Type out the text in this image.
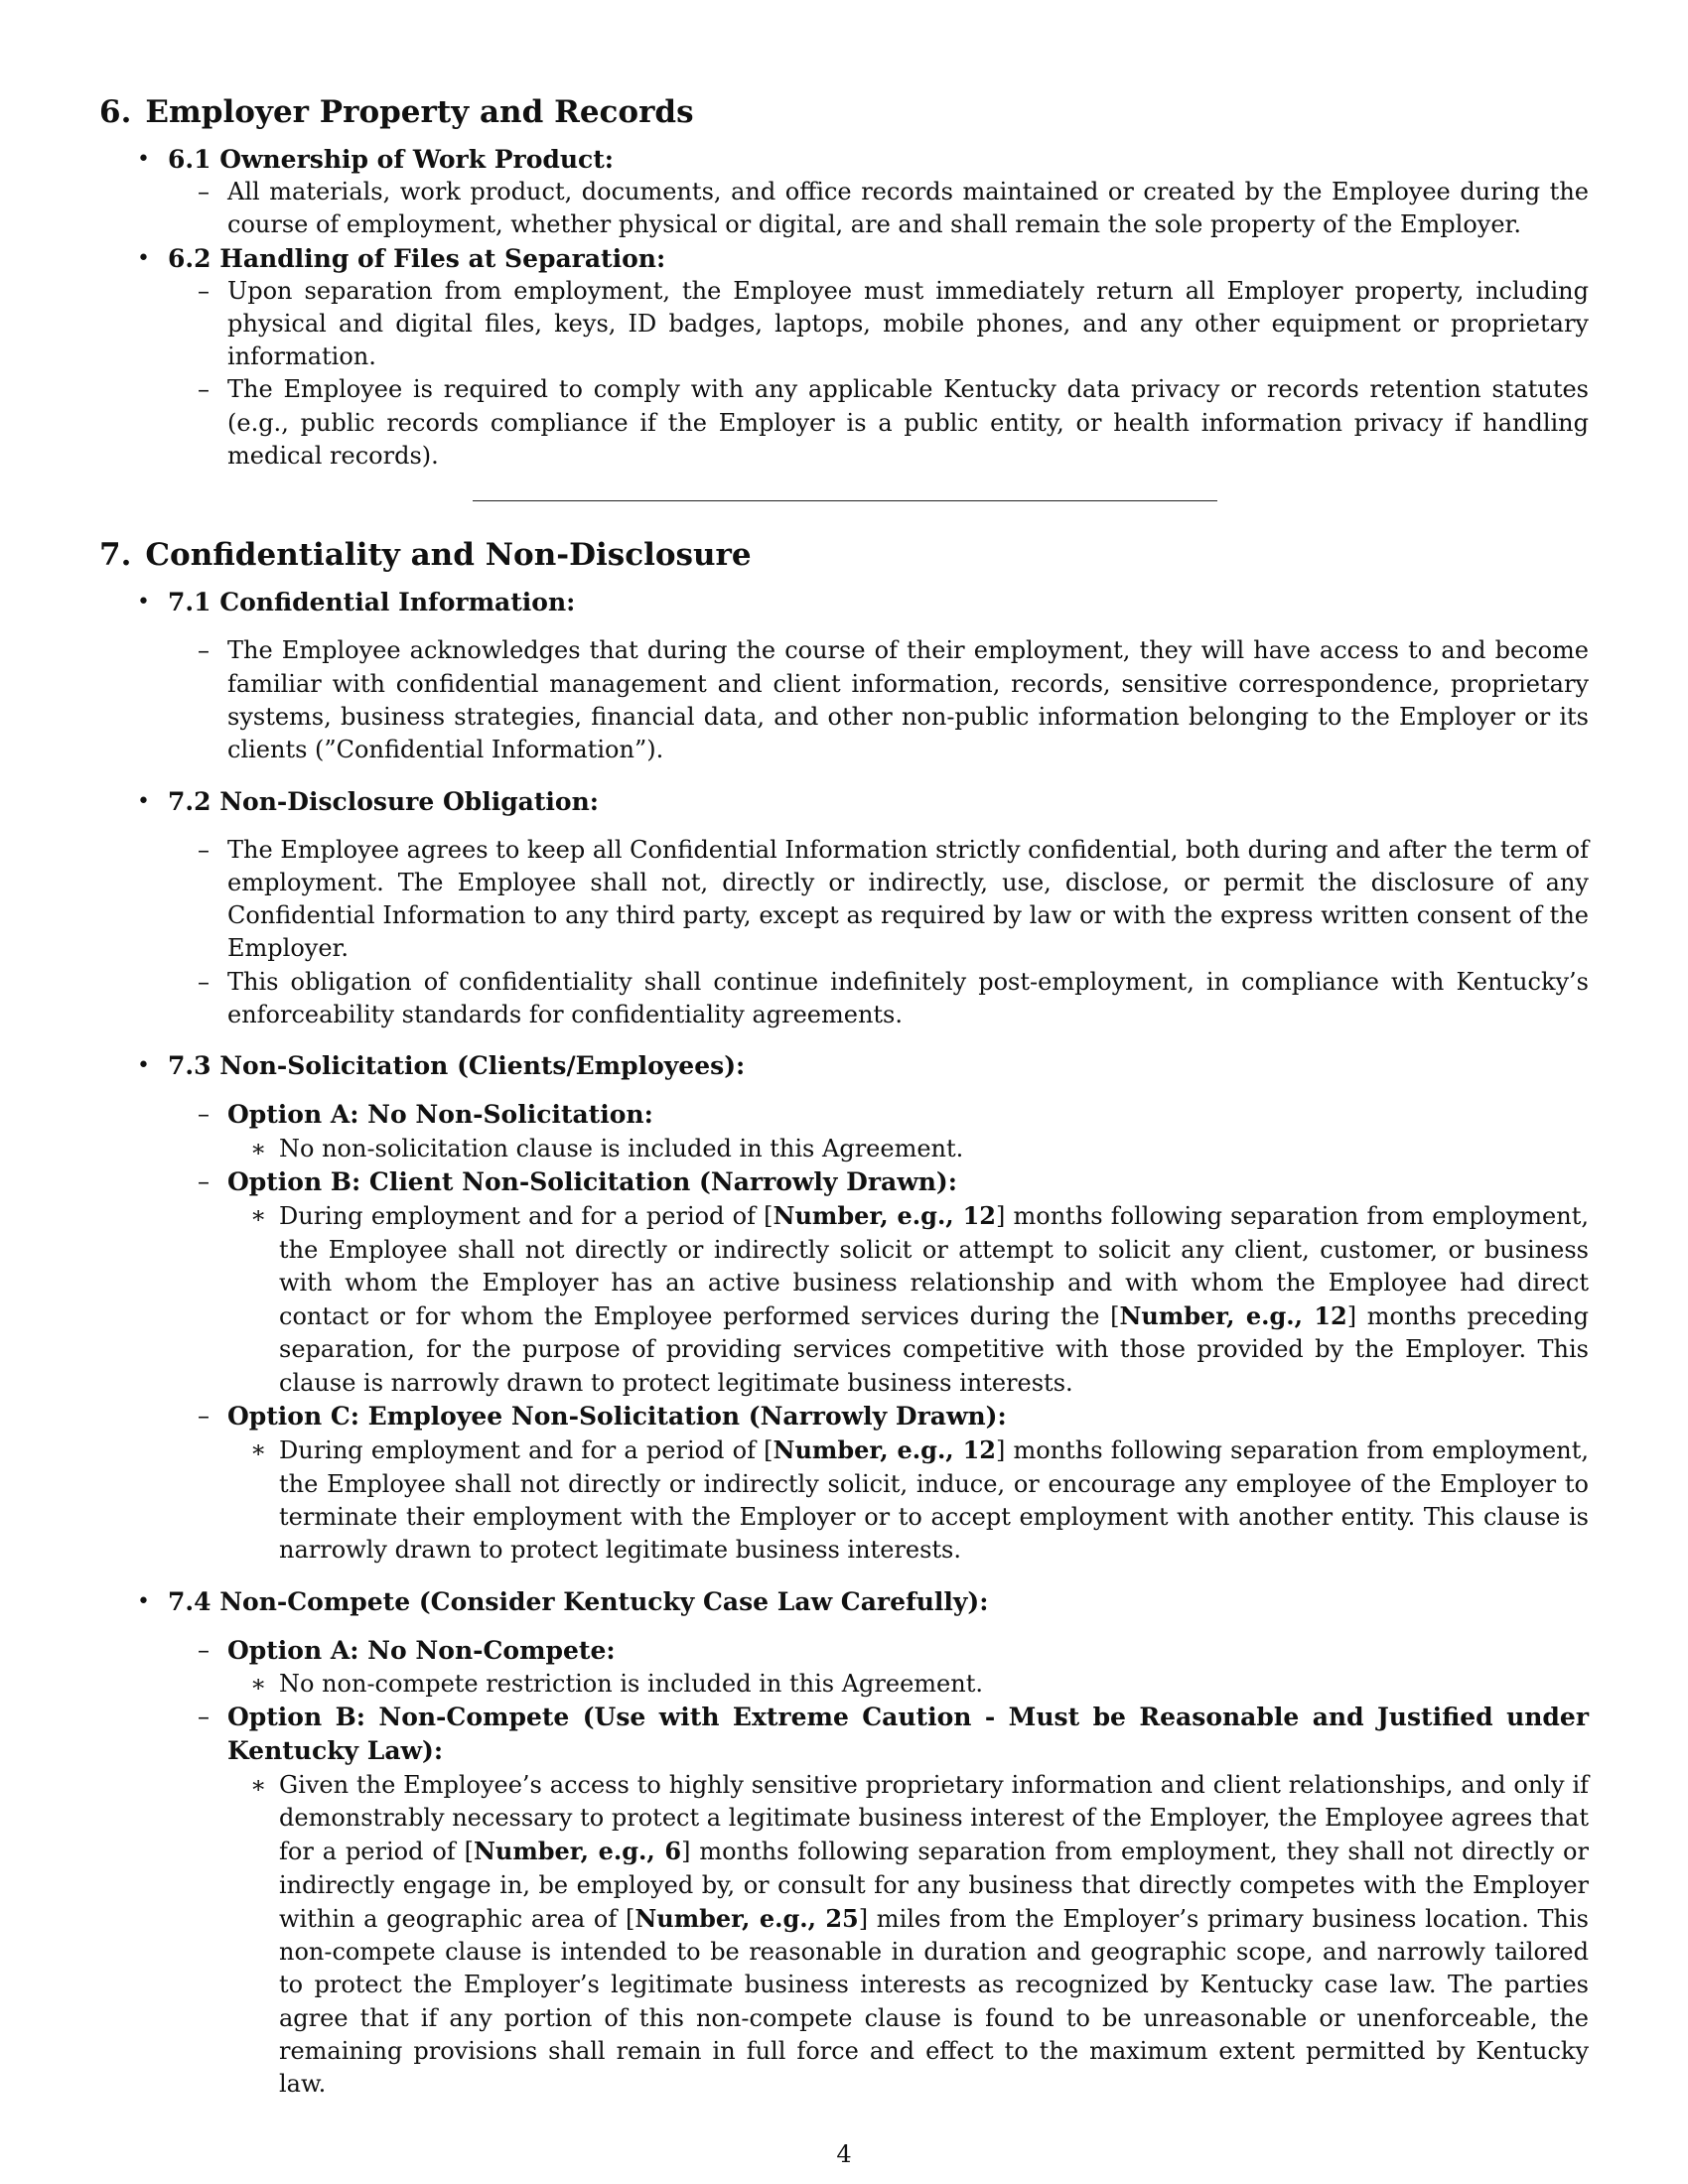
6. Employer Property and Records
• 6.1 Ownership of Work Product:
– All materials, work product, documents, and office records maintained or created by the Employee during the course of employment, whether physical or digital, are and shall remain the sole property of the Employer.
• 6.2 Handling of Files at Separation:
– Upon separation from employment, the Employee must immediately return all Employer property, including physical and digital files, keys, ID badges, laptops, mobile phones, and any other equipment or proprietary information.
– The Employee is required to comply with any applicable Kentucky data privacy or records retention statutes (e.g., public records compliance if the Employer is a public entity, or health information privacy if handling medical records).
7. Confidentiality and Non-Disclosure
• 7.1 Confidential Information:
– The Employee acknowledges that during the course of their employment, they will have access to and become familiar with confidential management and client information, records, sensitive correspondence, proprietary systems, business strategies, financial data, and other non-public information belonging to the Employer or its clients (”Confidential Information”).
• 7.2 Non-Disclosure Obligation:
– The Employee agrees to keep all Confidential Information strictly confidential, both during and after the term of employment. The Employee shall not, directly or indirectly, use, disclose, or permit the disclosure of any Confidential Information to any third party, except as required by law or with the express written consent of the Employer.
– This obligation of confidentiality shall continue indefinitely post-employment, in compliance with Kentucky’s enforceability standards for confidentiality agreements.
• 7.3 Non-Solicitation (Clients/Employees):
– Option A: No Non-Solicitation:
∗ No non-solicitation clause is included in this Agreement.
– Option B: Client Non-Solicitation (Narrowly Drawn):
∗ During employment and for a period of [Number, e.g., 12] months following separation from employment, the Employee shall not directly or indirectly solicit or attempt to solicit any client, customer, or business with whom the Employer has an active business relationship and with whom the Employee had direct contact or for whom the Employee performed services during the [Number, e.g., 12] months preceding separation, for the purpose of providing services competitive with those provided by the Employer. This clause is narrowly drawn to protect legitimate business interests.
– Option C: Employee Non-Solicitation (Narrowly Drawn):
∗ During employment and for a period of [Number, e.g., 12] months following separation from employment, the Employee shall not directly or indirectly solicit, induce, or encourage any employee of the Employer to terminate their employment with the Employer or to accept employment with another entity. This clause is narrowly drawn to protect legitimate business interests.
• 7.4 Non-Compete (Consider Kentucky Case Law Carefully):
– Option A: No Non-Compete:
∗ No non-compete restriction is included in this Agreement.
– Option B: Non-Compete (Use with Extreme Caution - Must be Reasonable and Justified under Kentucky Law):
∗ Given the Employee’s access to highly sensitive proprietary information and client relationships, and only if demonstrably necessary to protect a legitimate business interest of the Employer, the Employee agrees that for a period of [Number, e.g., 6] months following separation from employment, they shall not directly or indirectly engage in, be employed by, or consult for any business that directly competes with the Employer within a geographic area of [Number, e.g., 25] miles from the Employer’s primary business location. This non-compete clause is intended to be reasonable in duration and geographic scope, and narrowly tailored to protect the Employer’s legitimate business interests as recognized by Kentucky case law. The parties agree that if any portion of this non-compete clause is found to be unreasonable or unenforceable, the remaining provisions shall remain in full force and effect to the maximum extent permitted by Kentucky law.
4
